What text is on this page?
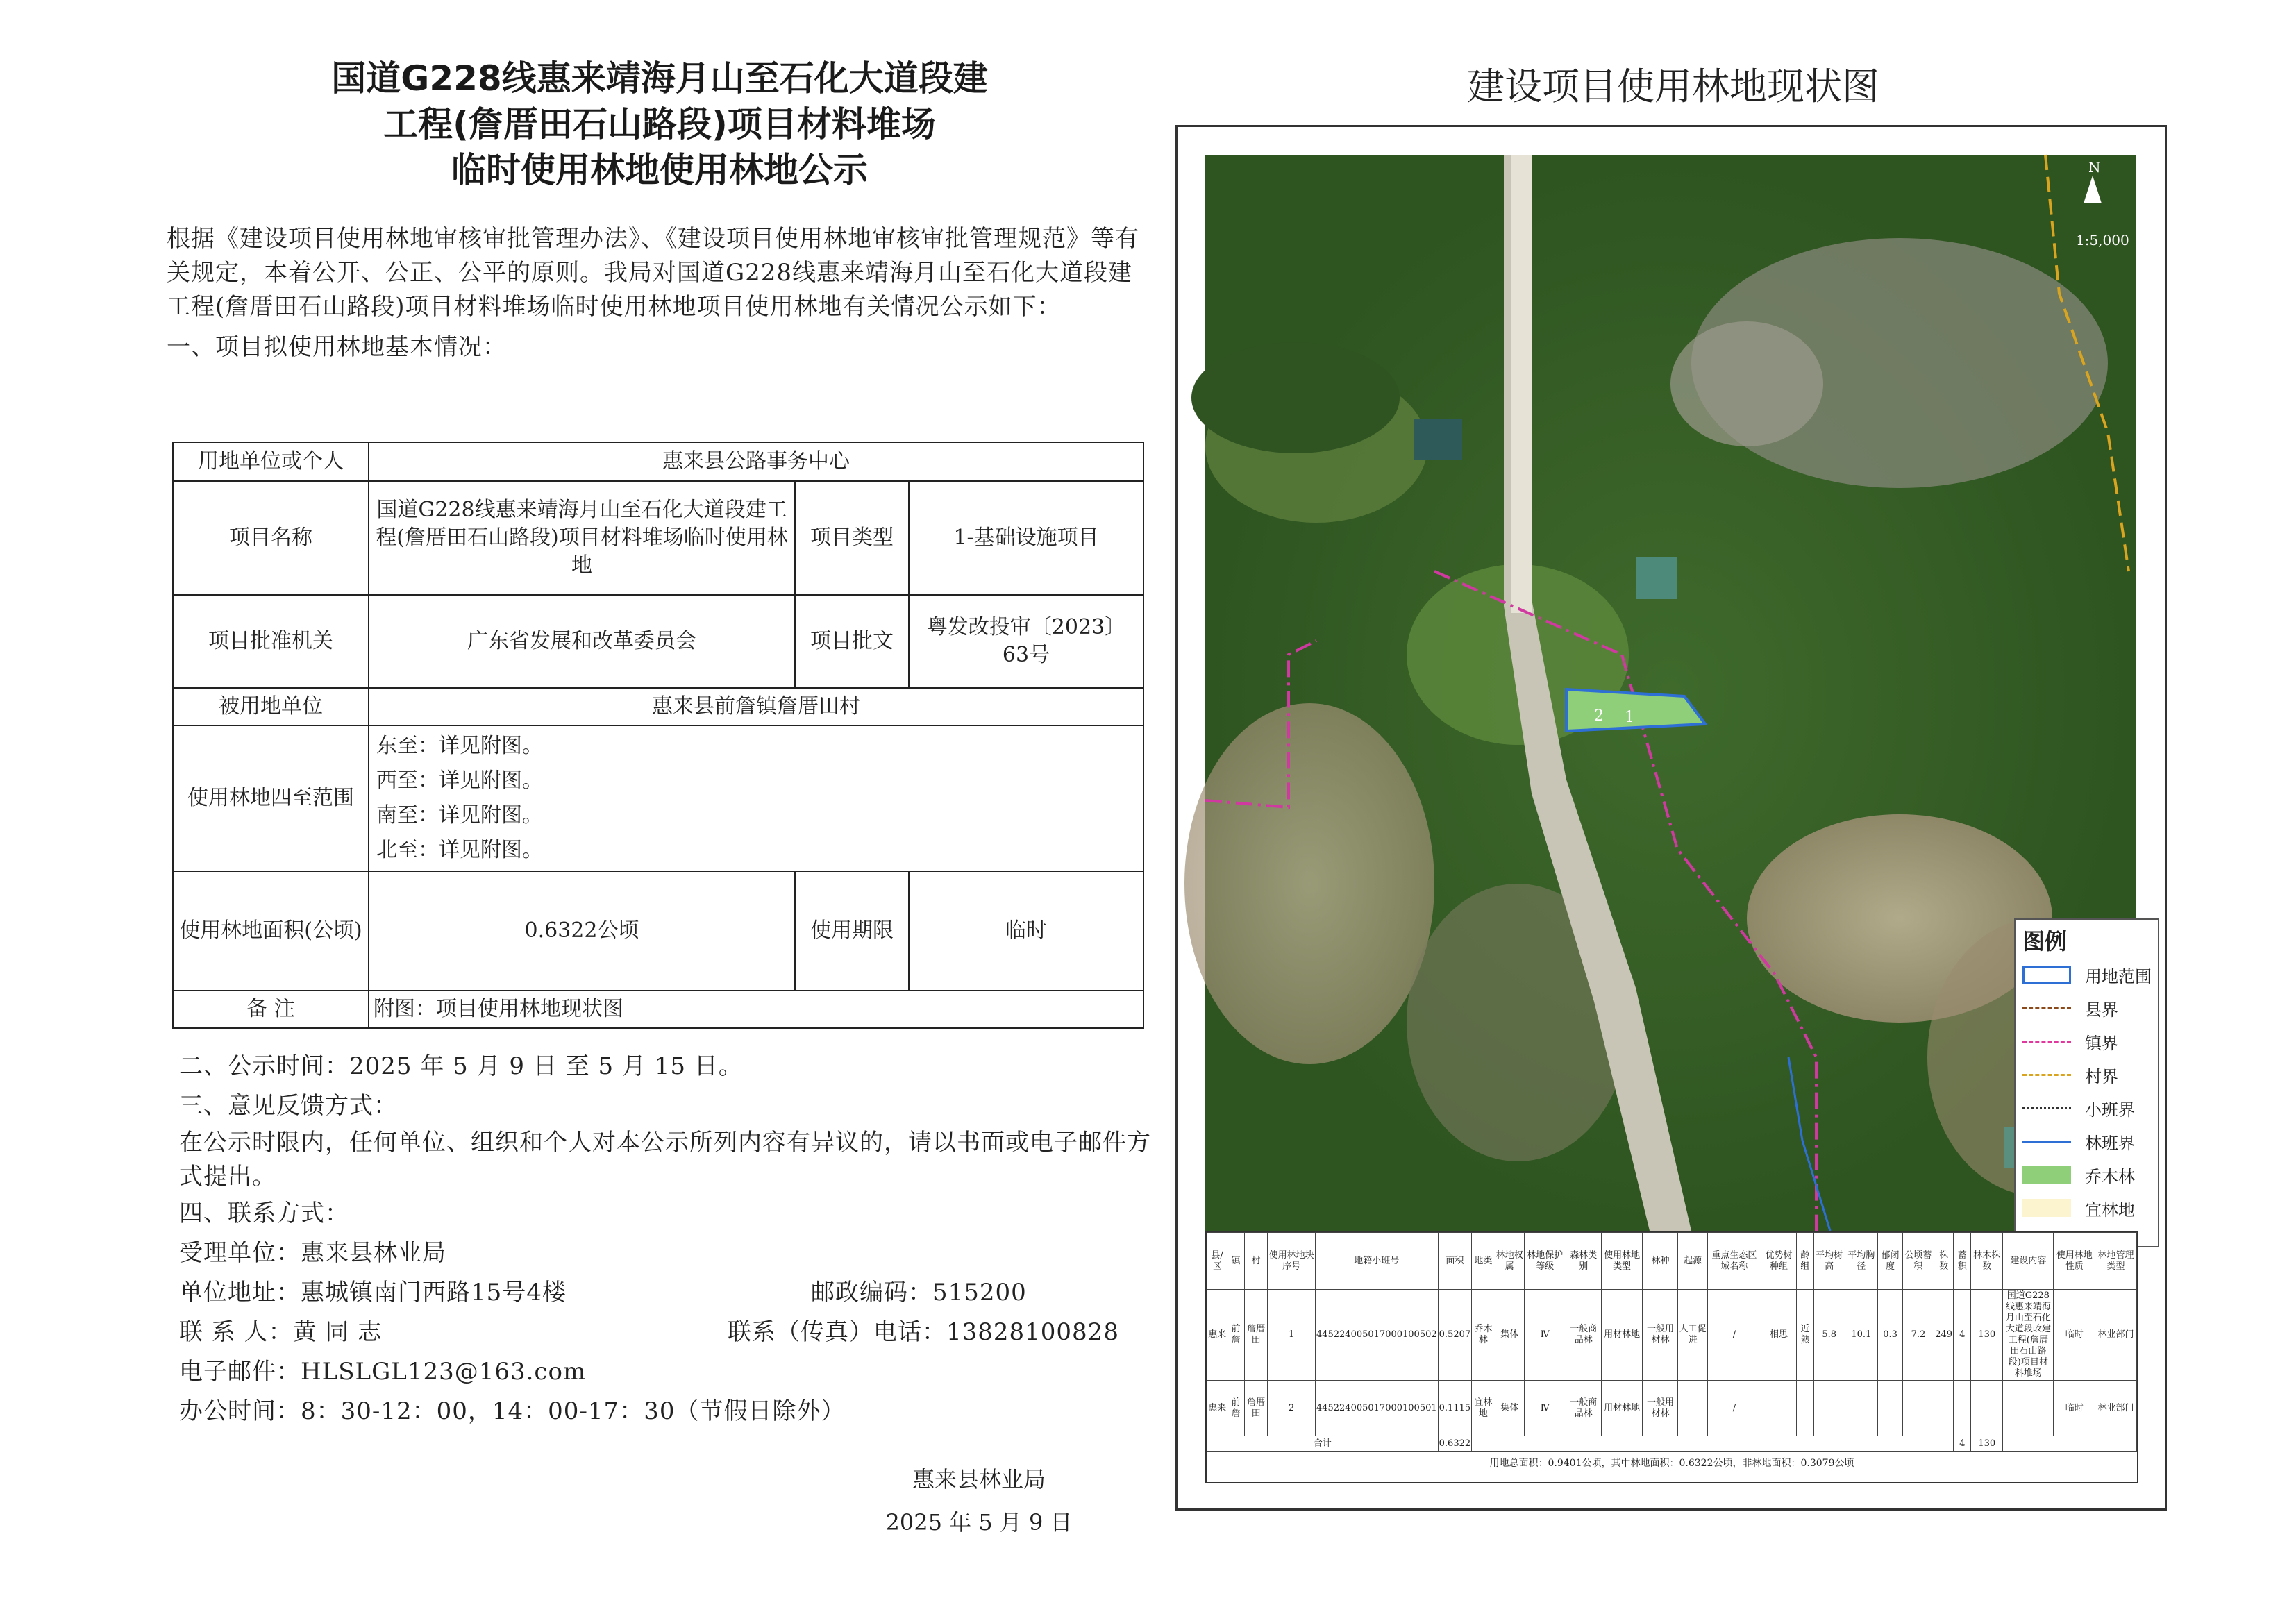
国道G228线惠来靖海月山至石化大道段建
工程(詹厝田石山路段)项目材料堆场
临时使用林地使用林地公示
根据《建设项目使用林地审核审批管理办法》、《建设项目使用林地审核审批管理规范》等有关规定，本着公开、公正、公平的原则。我局对国道G228线惠来靖海月山至石化大道段建工程(詹厝田石山路段)项目材料堆场临时使用林地项目使用林地有关情况公示如下：
一、项目拟使用林地基本情况：
用地单位或个人	惠来县公路事务中心		
项目名称	国道G228线惠来靖海月山至石化大道段建工程(詹厝田石山路段)项目材料堆场临时使用林地	项目类型	1-基础设施项目
项目批准机关	广东省发展和改革委员会	项目批文	粤发改投审〔2023〕63号
被用地单位	惠来县前詹镇詹厝田村		
使用林地四至范围	东至：详见附图。
西至：详见附图。
南至：详见附图。
北至：详见附图。		

使用林地面积(公顷)	0.6322公顷	使用期限	临时
备 注	附图：项目使用林地现状图		
二、公示时间：2025 年 5 月 9 日 至 5 月 15 日。
三、意见反馈方式：
在公示时限内，任何单位、组织和个人对本公示所列内容有异议的，请以书面或电子邮件方式提出。
四、联系方式：
受理单位：惠来县林业局
单位地址：惠城镇南门西路15号4楼	邮政编码：515200
联 系 人：黄 同 志	联系（传真）电话：13828100828
电子邮件：HLSLGL123@163.com
办公时间：8：30-12：00，14：00-17：30（节假日除外）
惠来县林业局
2025 年 5 月 9 日
建设项目使用林地现状图
2 1
1:5,000
N
图例
用地范围
县界
镇界
村界
小班界
林班界
乔木林
宜林地
县/区	镇	村	使用林地块序号	地籍小班号	面积	地类	林地权属	林地保护等级	森林类别	使用林地类型	林种	起源	重点生态区域名称	优势树种组	龄组	平均树高	平均胸径	郁闭度	公顷蓄积	株数	蓄积	林木株数	建设内容	使用林地性质	林地管理类型
惠来	前詹	詹厝田	1	445224005017000100502	0.5207	乔木林	集体	Ⅳ	一般商品林	用材林地	一般用材林	人工促进	/	相思	近熟	5.8	10.1	0.3	7.2	249	4	130	国道G228线惠来靖海月山至石化大道段改建工程(詹厝田石山路段)项目材料堆场	临时	林业部门
惠来	前詹	詹厝田	2	445224005017000100501	0.1115	宜林地	集体	Ⅳ	一般商品林	用材林地	一般用材林		/											临时	林业部门
合计					0.6322																4	130			
用地总面积：0.9401公顷，其中林地面积：0.6322公顷，非林地面积：0.3079公顷
